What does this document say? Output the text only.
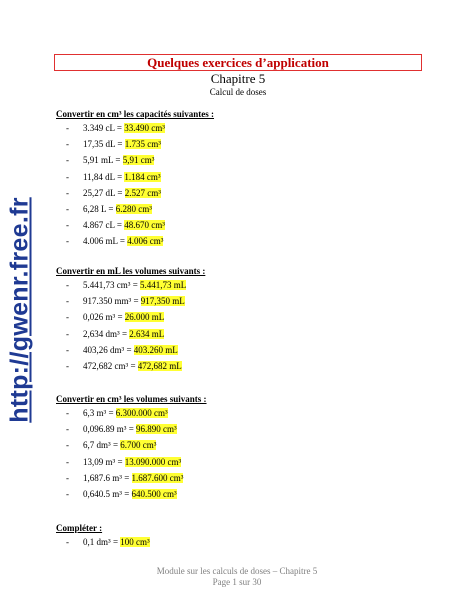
http://gwenr.free.fr
Quelques exercices d’application
Chapitre 5
Calcul de doses
Convertir en cm³ les capacités suivantes :
- 3.349 cL = 33.490 cm³
- 17,35 dL = 1.735 cm³
- 5,91 mL = 5,91 cm³
- 11,84 dL = 1.184 cm³
- 25,27 dL = 2.527 cm³
- 6,28 L = 6.280 cm³
- 4.867 cL = 48.670 cm³
- 4.006 mL = 4.006 cm³
Convertir en mL les volumes suivants :
- 5.441,73 cm³ = 5.441,73 mL
- 917.350 mm³ = 917,350 mL
- 0,026 m³ = 26.000 mL
- 2,634 dm³ = 2.634 mL
- 403,26 dm³ = 403.260 mL
- 472,682 cm³ = 472,682 mL
Convertir en cm³ les volumes suivants :
- 6,3 m³ = 6.300.000 cm³
- 0,096.89 m³ = 96.890 cm³
- 6,7 dm³ = 6.700 cm³
- 13,09 m³ = 13.090.000 cm³
- 1,687.6 m³ = 1.687.600 cm³
- 0,640.5 m³ = 640.500 cm³
Compléter :
- 0,1 dm³ = 100 cm³
Module sur les calculs de doses – Chapitre 5
Page 1 sur 30
